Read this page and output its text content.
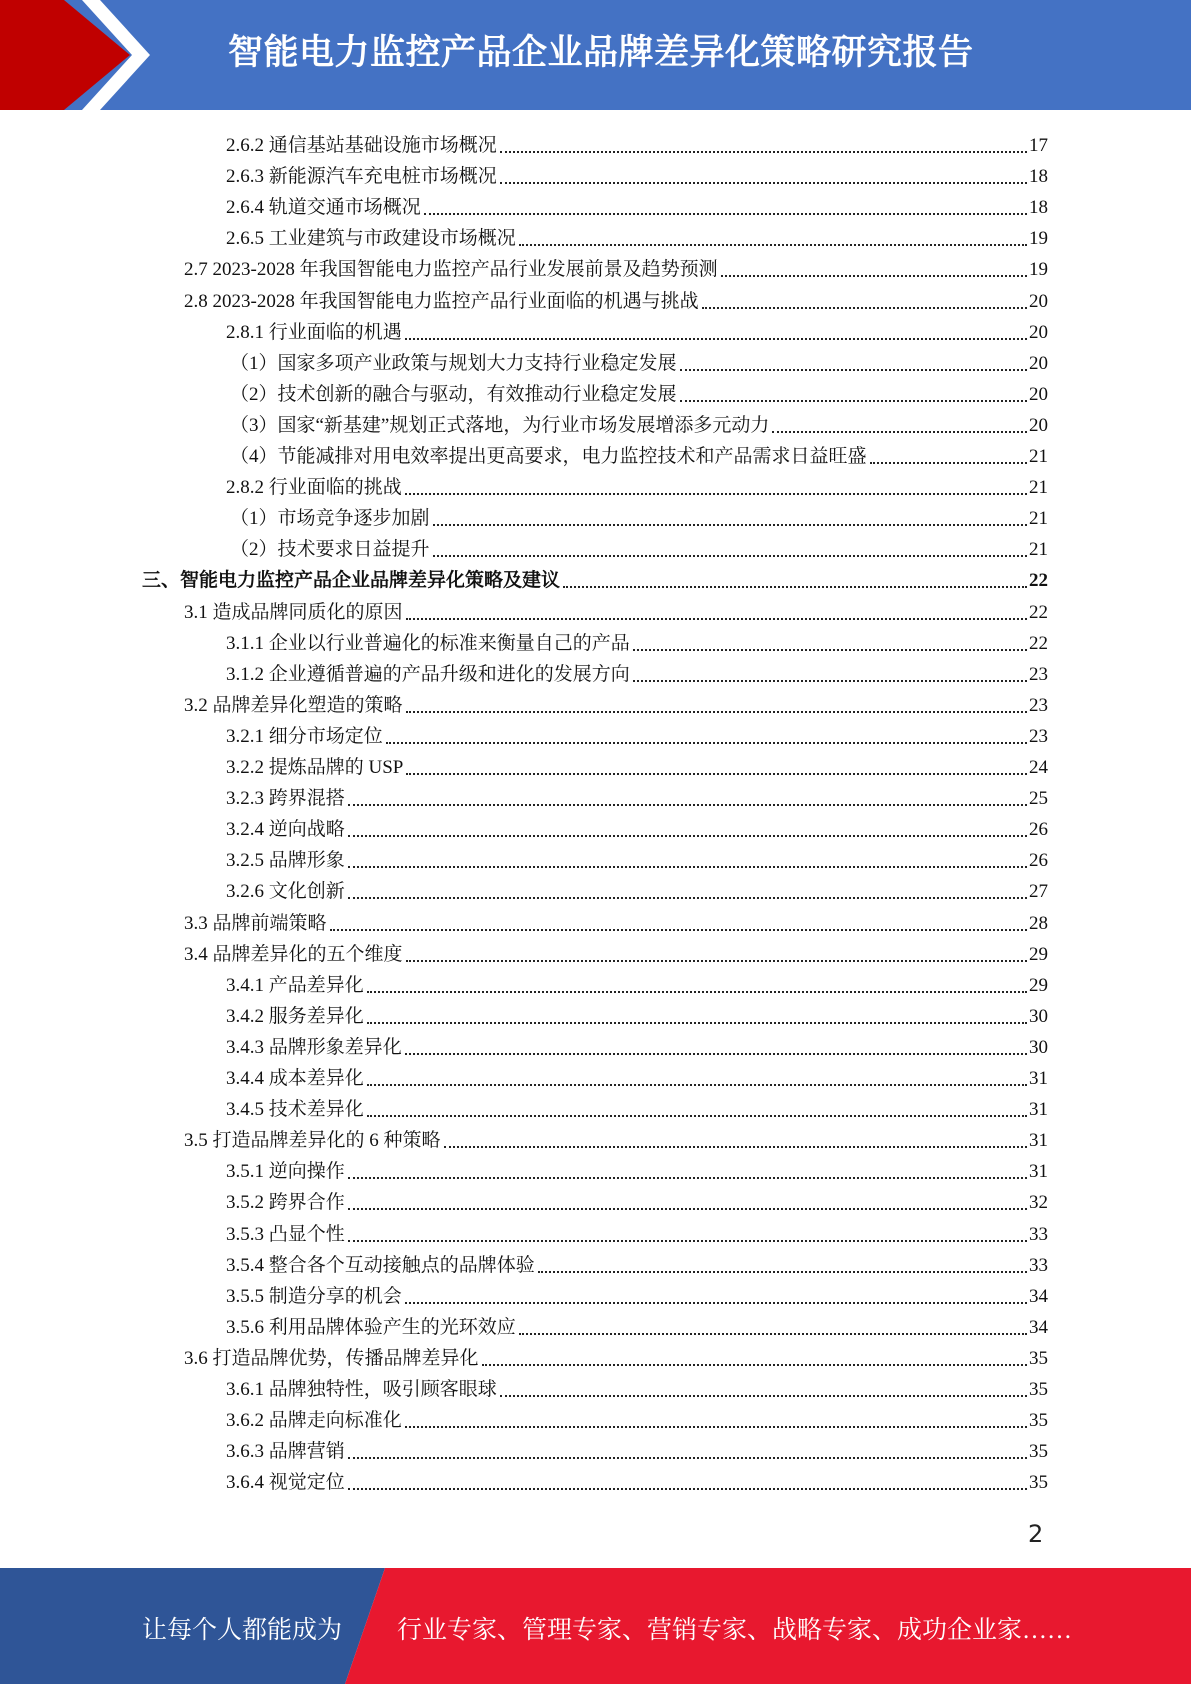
智能电力监控产品企业品牌差异化策略研究报告
2.6.2 通信基站基础设施市场概况	17
2.6.3 新能源汽车充电桩市场概况	18
2.6.4 轨道交通市场概况	18
2.6.5 工业建筑与市政建设市场概况	19
2.7 2023-2028 年我国智能电力监控产品行业发展前景及趋势预测	19
2.8 2023-2028 年我国智能电力监控产品行业面临的机遇与挑战	20
2.8.1 行业面临的机遇	20
（1）国家多项产业政策与规划大力支持行业稳定发展	20
（2）技术创新的融合与驱动，有效推动行业稳定发展	20
（3）国家“新基建”规划正式落地，为行业市场发展增添多元动力	20
（4）节能减排对用电效率提出更高要求，电力监控技术和产品需求日益旺盛	21
2.8.2 行业面临的挑战	21
（1）市场竞争逐步加剧	21
（2）技术要求日益提升	21
三、智能电力监控产品企业品牌差异化策略及建议	22
3.1 造成品牌同质化的原因	22
3.1.1 企业以行业普遍化的标准来衡量自己的产品	22
3.1.2 企业遵循普遍的产品升级和进化的发展方向	23
3.2 品牌差异化塑造的策略	23
3.2.1 细分市场定位	23
3.2.2 提炼品牌的 USP	24
3.2.3 跨界混搭	25
3.2.4 逆向战略	26
3.2.5 品牌形象	26
3.2.6 文化创新	27
3.3 品牌前端策略	28
3.4 品牌差异化的五个维度	29
3.4.1 产品差异化	29
3.4.2 服务差异化	30
3.4.3 品牌形象差异化	30
3.4.4 成本差异化	31
3.4.5 技术差异化	31
3.5 打造品牌差异化的 6 种策略	31
3.5.1 逆向操作	31
3.5.2 跨界合作	32
3.5.3 凸显个性	33
3.5.4 整合各个互动接触点的品牌体验	33
3.5.5 制造分享的机会	34
3.5.6 利用品牌体验产生的光环效应	34
3.6 打造品牌优势，传播品牌差异化	35
3.6.1 品牌独特性，吸引顾客眼球	35
3.6.2 品牌走向标准化	35
3.6.3 品牌营销	35
3.6.4 视觉定位	35
2
让每个人都能成为 行业专家、管理专家、营销专家、战略专家、成功企业家……
